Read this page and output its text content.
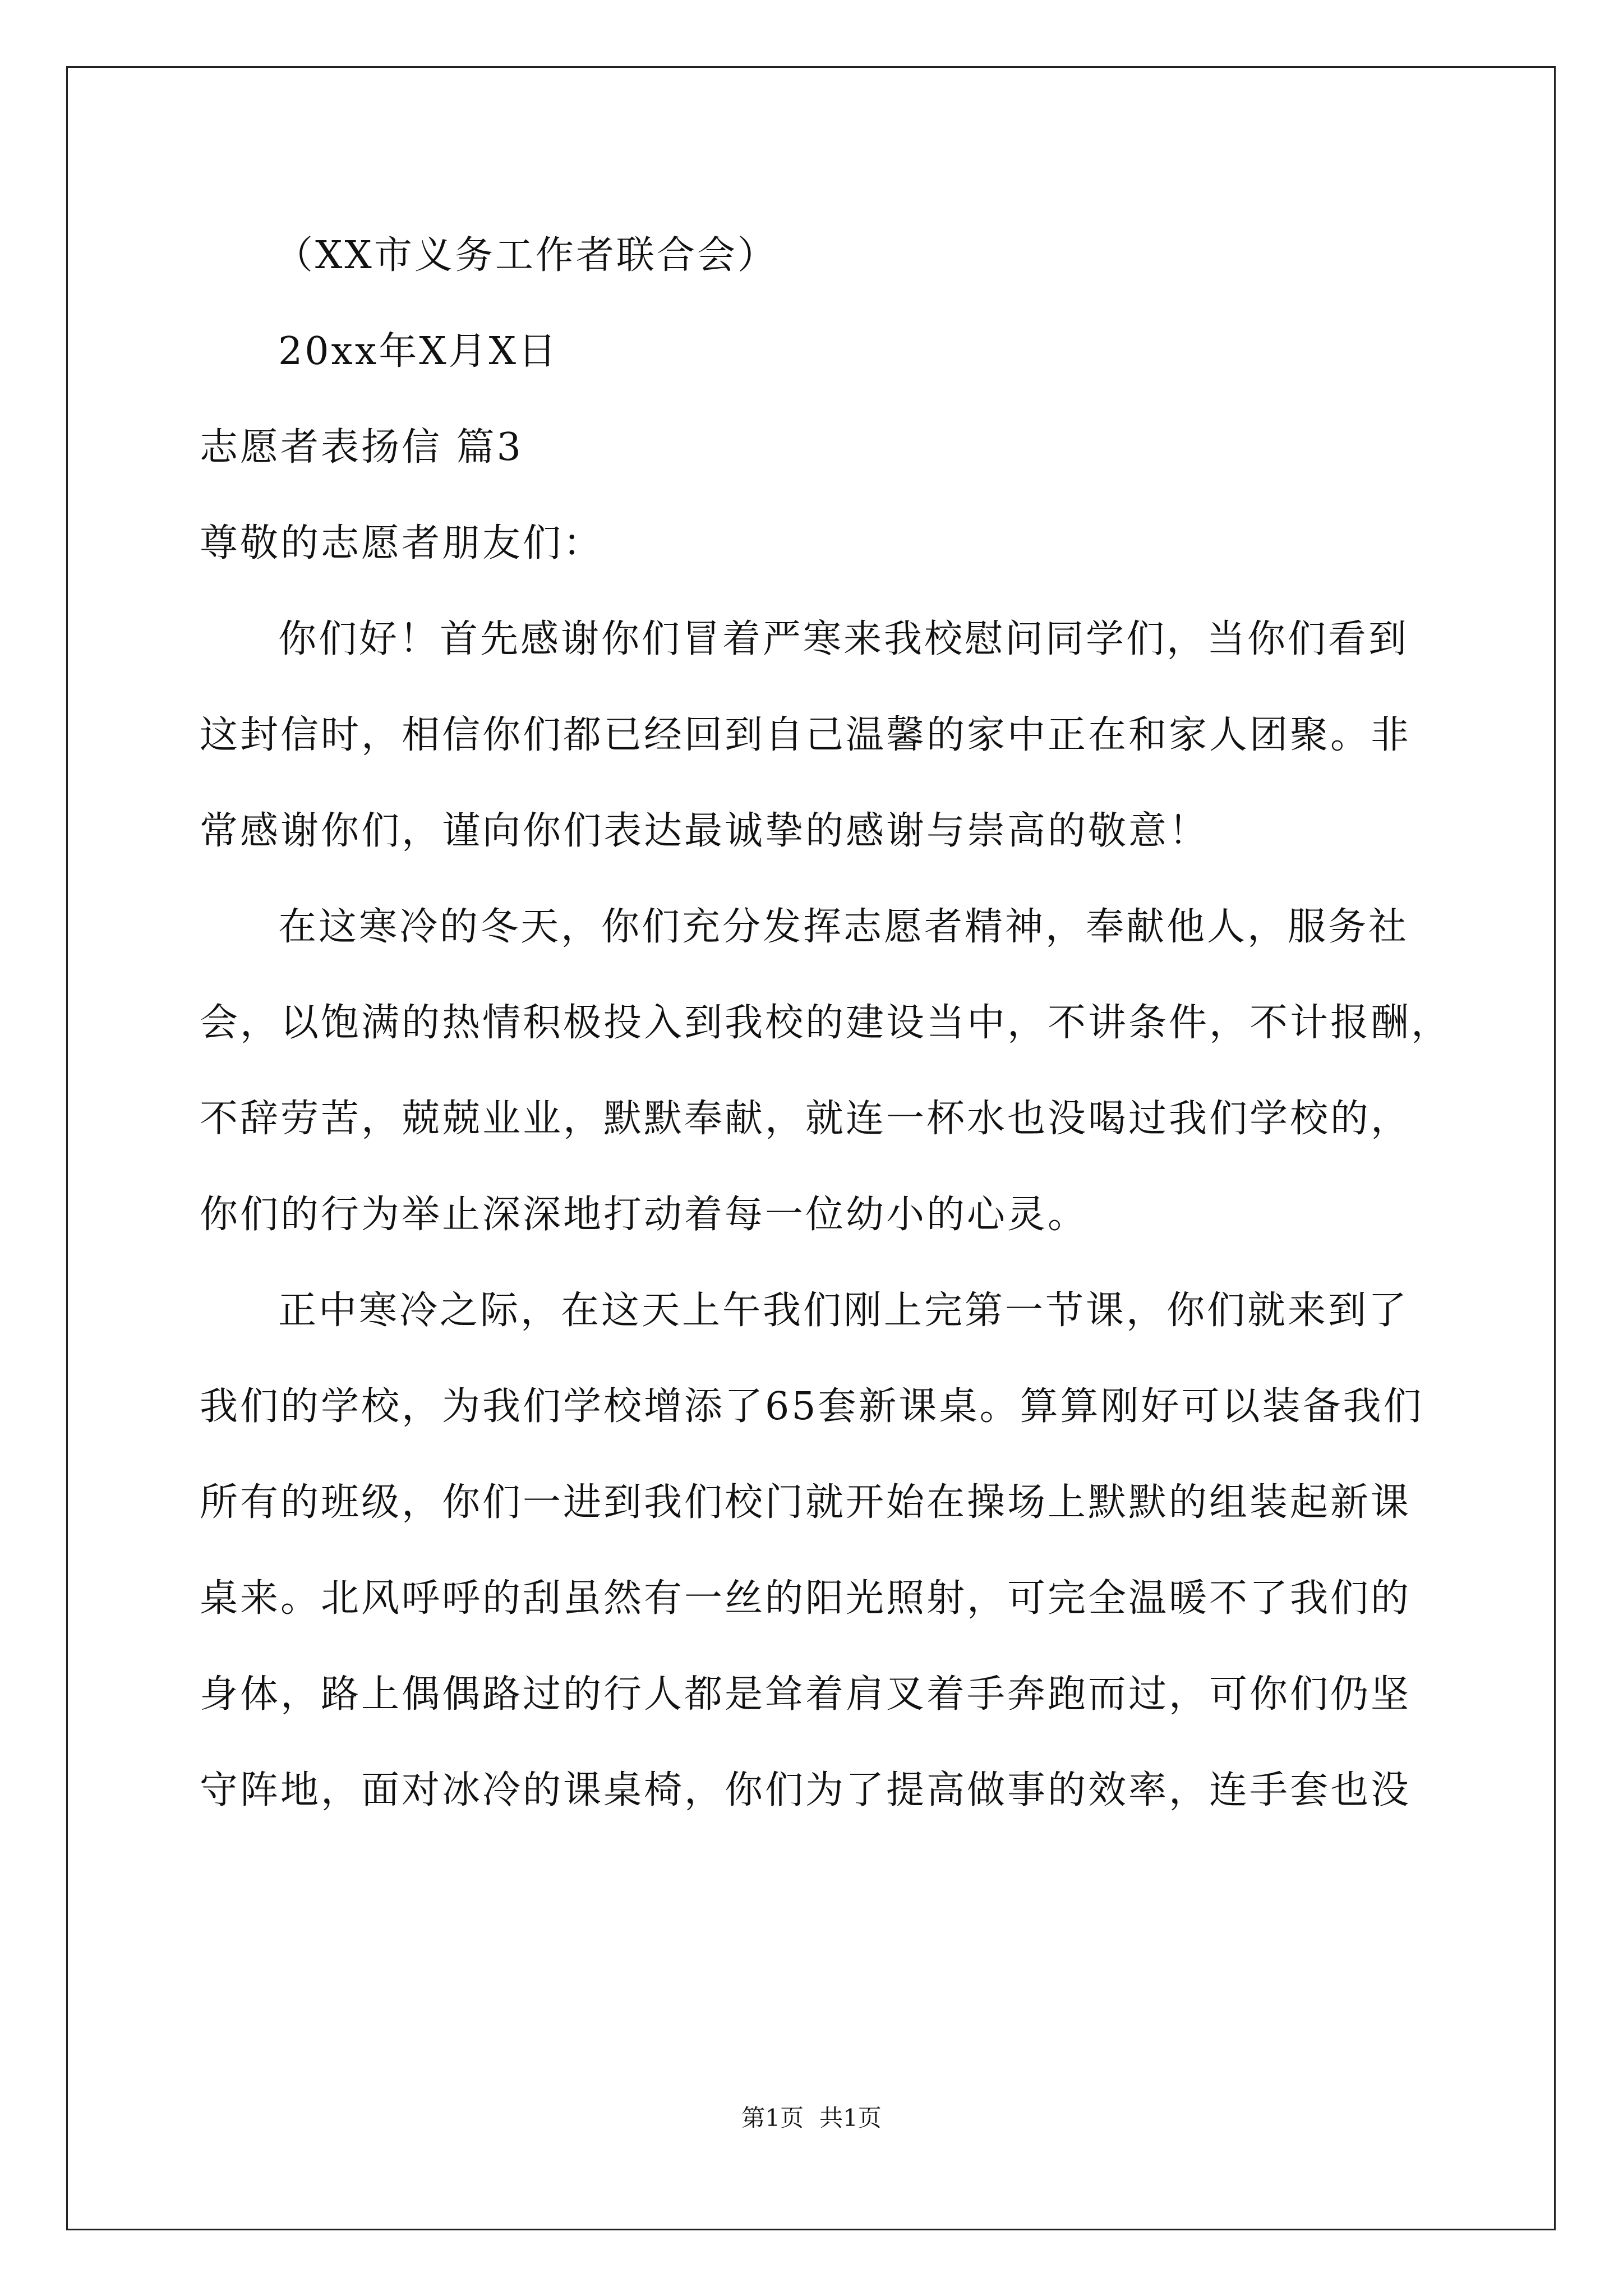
（XX市义务工作者联合会）
20xx年X月X日
志愿者表扬信 篇3
尊敬的志愿者朋友们：
你们好！首先感谢你们冒着严寒来我校慰问同学们，当你们看到
这封信时，相信你们都已经回到自己温馨的家中正在和家人团聚。非
常感谢你们，谨向你们表达最诚挚的感谢与崇高的敬意！
在这寒冷的冬天，你们充分发挥志愿者精神，奉献他人，服务社
会，以饱满的热情积极投入到我校的建设当中，不讲条件，不计报酬，
不辞劳苦，兢兢业业，默默奉献，就连一杯水也没喝过我们学校的，
你们的行为举止深深地打动着每一位幼小的心灵。
正中寒冷之际，在这天上午我们刚上完第一节课，你们就来到了
我们的学校，为我们学校增添了65套新课桌。算算刚好可以装备我们
所有的班级，你们一进到我们校门就开始在操场上默默的组装起新课
桌来。北风呼呼的刮虽然有一丝的阳光照射，可完全温暖不了我们的
身体，路上偶偶路过的行人都是耸着肩叉着手奔跑而过，可你们仍坚
守阵地，面对冰冷的课桌椅，你们为了提高做事的效率，连手套也没
第1页 共1页
